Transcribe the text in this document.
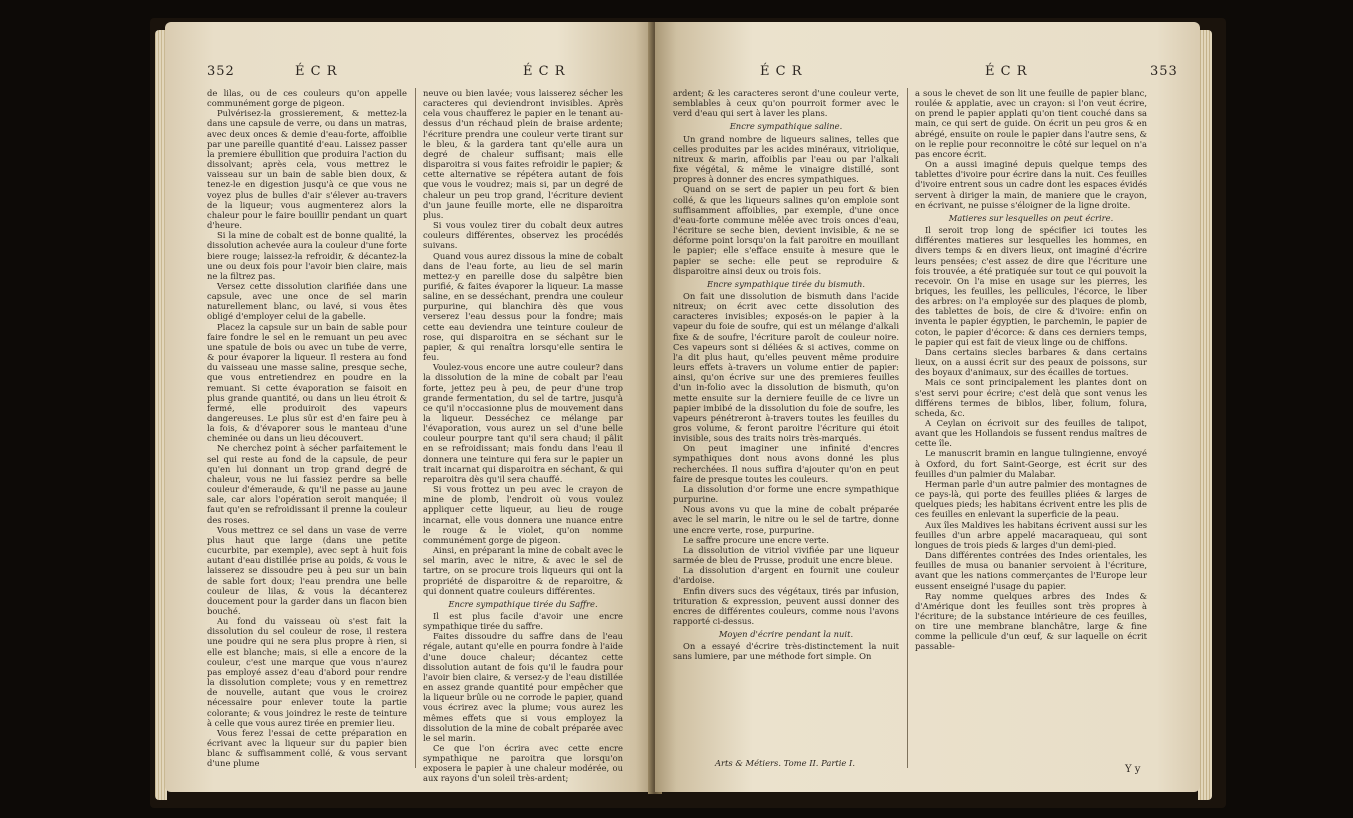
352	É C R	É C R

de lilas, ou de ces couleurs qu'on appelle communément gorge de pigeon.

Pulvérisez-la grossierement, & mettez-la dans une capsule de verre, ou dans un matras, avec deux onces & demie d'eau-forte, affoiblie par une pareille quantité d'eau. Laissez passer la premiere ébullition que produira l'action du dissolvant; après cela, vous mettrez le vaisseau sur un bain de sable bien doux, & tenez-le en digestion jusqu'à ce que vous ne voyez plus de bulles d'air s'élever au-travers de la liqueur; vous augmenterez alors la chaleur pour le faire bouillir pendant un quart d'heure.

Si la mine de cobalt est de bonne qualité, la dissolution achevée aura la couleur d'une forte biere rouge; laissez-la refroidir, & décantez-la une ou deux fois pour l'avoir bien claire, mais ne la filtrez pas.

Versez cette dissolution clarifiée dans une capsule, avec une once de sel marin naturellement blanc, ou lavé, si vous êtes obligé d'employer celui de la gabelle.

Placez la capsule sur un bain de sable pour faire fondre le sel en le remuant un peu avec une spatule de bois ou avec un tube de verre, & pour évaporer la liqueur. Il restera au fond du vaisseau une masse saline, presque seche, que vous entretiendrez en poudre en la remuant. Si cette évaporation se faisoit en plus grande quantité, ou dans un lieu étroit & fermé, elle produiroit des vapeurs dangereuses. Le plus sûr est d'en faire peu à la fois, & d'évaporer sous le manteau d'une cheminée ou dans un lieu découvert.

Ne cherchez point à sécher parfaitement le sel qui reste au fond de la capsule, de peur qu'en lui donnant un trop grand degré de chaleur, vous ne lui fassiez perdre sa belle couleur d'émeraude, & qu'il ne passe au jaune sale, car alors l'opération seroit manquée; il faut qu'en se refroidissant il prenne la couleur des roses.

Vous mettrez ce sel dans un vase de verre plus haut que large (dans une petite cucurbite, par exemple), avec sept à huit fois autant d'eau distillée prise au poids, & vous le laisserez se dissoudre peu à peu sur un bain de sable fort doux; l'eau prendra une belle couleur de lilas, & vous la décanterez doucement pour la garder dans un flacon bien bouché.

Au fond du vaisseau où s'est fait la dissolution du sel couleur de rose, il restera une poudre qui ne sera plus propre à rien, si elle est blanche; mais, si elle a encore de la couleur, c'est une marque que vous n'aurez pas employé assez d'eau d'abord pour rendre la dissolution complete; vous y en remettrez de nouvelle, autant que vous le croirez nécessaire pour enlever toute la partie colorante; & vous joindrez le reste de teinture à celle que vous aurez tirée en premier lieu.

Vous ferez l'essai de cette préparation en écrivant avec la liqueur sur du papier bien blanc & suffisamment collé, & vous servant d'une plume

neuve ou bien lavée; vous laisserez sécher les caracteres qui deviendront invisibles. Après cela vous chaufferez le papier en le tenant au-dessus d'un réchaud plein de braise ardente; l'écriture prendra une couleur verte tirant sur le bleu, & la gardera tant qu'elle aura un degré de chaleur suffisant; mais elle disparoitra si vous faites refroidir le papier; & cette alternative se répétera autant de fois que vous le voudrez; mais si, par un degré de chaleur un peu trop grand, l'écriture devient d'un jaune feuille morte, elle ne disparoitra plus.

Si vous voulez tirer du cobalt deux autres couleurs différentes, observez les procédés suivans.

Quand vous aurez dissous la mine de cobalt dans de l'eau forte, au lieu de sel marin mettez-y en pareille dose du salpêtre bien purifié, & faites évaporer la liqueur. La masse saline, en se desséchant, prendra une couleur purpurine, qui blanchira dès que vous verserez l'eau dessus pour la fondre; mais cette eau deviendra une teinture couleur de rose, qui disparoitra en se séchant sur le papier, & qui renaîtra lorsqu'elle sentira le feu.

Voulez-vous encore une autre couleur? dans la dissolution de la mine de cobalt par l'eau forte, jettez peu à peu, de peur d'une trop grande fermentation, du sel de tartre, jusqu'à ce qu'il n'occasionne plus de mouvement dans la liqueur. Desséchez ce mélange par l'évaporation, vous aurez un sel d'une belle couleur pourpre tant qu'il sera chaud; il pâlit en se refroidissant; mais fondu dans l'eau il donnera une teinture qui fera sur le papier un trait incarnat qui disparoitra en séchant, & qui reparoitra dès qu'il sera chauffé.

Si vous frottez un peu avec le crayon de mine de plomb, l'endroit où vous voulez appliquer cette liqueur, au lieu de rouge incarnat, elle vous donnera une nuance entre le rouge & le violet, qu'on nomme communément gorge de pigeon.

Ainsi, en préparant la mine de cobalt avec le sel marin, avec le nitre, & avec le sel de tartre, on se procure trois liqueurs qui ont la propriété de disparoitre & de reparoitre, & qui donnent quatre couleurs différentes.

Encre sympathique tirée du Saffre.

Il est plus facile d'avoir une encre sympathique tirée du saffre.

Faites dissoudre du saffre dans de l'eau régale, autant qu'elle en pourra fondre à l'aide d'une douce chaleur; décantez cette dissolution autant de fois qu'il le faudra pour l'avoir bien claire, & versez-y de l'eau distillée en assez grande quantité pour empêcher que la liqueur brûle ou ne corrode le papier, quand vous écrirez avec la plume; vous aurez les mêmes effets que si vous employez la dissolution de la mine de cobalt préparée avec le sel marin.

Ce que l'on écrira avec cette encre sympathique ne paroitra que lorsqu'on exposera le papier à une chaleur modérée, ou aux rayons d'un soleil très-ardent;

É C R	É C R	353

ardent; & les caracteres seront d'une couleur verte, semblables à ceux qu'on pourroit former avec le verd d'eau qui sert à laver les plans.

Encre sympathique saline.

Un grand nombre de liqueurs salines, telles que celles produites par les acides minéraux, vitriolique, nitreux & marin, affoiblis par l'eau ou par l'alkali fixe végétal, & même le vinaigre distillé, sont propres à donner des encres sympathiques.

Quand on se sert de papier un peu fort & bien collé, & que les liqueurs salines qu'on emploie sont suffisamment affoiblies, par exemple, d'une once d'eau-forte commune mêlée avec trois onces d'eau, l'écriture se seche bien, devient invisible, & ne se déforme point lorsqu'on la fait paroitre en mouillant le papier; elle s'efface ensuite à mesure que le papier se seche: elle peut se reproduire & disparoitre ainsi deux ou trois fois.

Encre sympathique tirée du bismuth.

On fait une dissolution de bismuth dans l'acide nitreux; on écrit avec cette dissolution des caracteres invisibles; exposés-on le papier à la vapeur du foie de soufre, qui est un mélange d'alkali fixe & de soufre, l'écriture paroît de couleur noire. Ces vapeurs sont si déliées & si actives, comme on l'a dit plus haut, qu'elles peuvent même produire leurs effets à-travers un volume entier de papier: ainsi, qu'on écrive sur une des premieres feuilles d'un in-folio avec la dissolution de bismuth, qu'on mette ensuite sur la derniere feuille de ce livre un papier imbibé de la dissolution du foie de soufre, les vapeurs pénétreront à-travers toutes les feuilles du gros volume, & feront paroitre l'écriture qui étoit invisible, sous des traits noirs très-marqués.

On peut imaginer une infinité d'encres sympathiques dont nous avons donné les plus recherchées. Il nous suffira d'ajouter qu'on en peut faire de presque toutes les couleurs.

La dissolution d'or forme une encre sympathique purpurine.

Nous avons vu que la mine de cobalt préparée avec le sel marin, le nitre ou le sel de tartre, donne une encre verte, rose, purpurine.

Le saffre procure une encre verte.

La dissolution de vitriol vivifiée par une liqueur sarmée de bleu de Prusse, produit une encre bleue.

La dissolution d'argent en fournit une couleur d'ardoise.

Enfin divers sucs des végétaux, tirés par infusion, trituration & expression, peuvent aussi donner des encres de différentes couleurs, comme nous l'avons rapporté ci-dessus.

Moyen d'écrire pendant la nuit.

On a essayé d'écrire très-distinctement la nuit sans lumiere, par une méthode fort simple. On

Arts & Métiers. Tome II. Partie I.

a sous le chevet de son lit une feuille de papier blanc, roulée & applatie, avec un crayon: si l'on veut écrire, on prend le papier applati qu'on tient couché dans sa main, ce qui sert de guide. On écrit un peu gros & en abrégé, ensuite on roule le papier dans l'autre sens, & on le replie pour reconnoitre le côté sur lequel on n'a pas encore écrit.

On a aussi imaginé depuis quelque temps des tablettes d'ivoire pour écrire dans la nuit. Ces feuilles d'ivoire entrent sous un cadre dont les espaces évidés servent à diriger la main, de maniere que le crayon, en écrivant, ne puisse s'éloigner de la ligne droite.

Matieres sur lesquelles on peut écrire.

Il seroit trop long de spécifier ici toutes les différentes matieres sur lesquelles les hommes, en divers temps & en divers lieux, ont imaginé d'écrire leurs pensées; c'est assez de dire que l'écriture une fois trouvée, a été pratiquée sur tout ce qui pouvoit la recevoir. On l'a mise en usage sur les pierres, les briques, les feuilles, les pellicules, l'écorce, le liber des arbres: on l'a employée sur des plaques de plomb, des tablettes de bois, de cire & d'ivoire: enfin on inventa le papier égyptien, le parchemin, le papier de coton, le papier d'écorce: & dans ces derniers temps, le papier qui est fait de vieux linge ou de chiffons.

Dans certains siecles barbares & dans certains lieux, on a aussi écrit sur des peaux de poissons, sur des boyaux d'animaux, sur des écailles de tortues.

Mais ce sont principalement les plantes dont on s'est servi pour écrire; c'est delà que sont venus les différens termes de biblos, liber, folium, folura, scheda, &c.

A Ceylan on écrivoit sur des feuilles de talipot, avant que les Hollandois se fussent rendus maîtres de cette île.

Le manuscrit bramin en langue tulingienne, envoyé à Oxford, du fort Saint-George, est écrit sur des feuilles d'un palmier du Malabar.

Herman parle d'un autre palmier des montagnes de ce pays-là, qui porte des feuilles pliées & larges de quelques pieds; les habitans écrivent entre les plis de ces feuilles en enlevant la superficie de la peau.

Aux îles Maldives les habitans écrivent aussi sur les feuilles d'un arbre appelé macaraqueau, qui sont longues de trois pieds & larges d'un demi-pied.

Dans différentes contrées des Indes orientales, les feuilles de musa ou bananier servoient à l'écriture, avant que les nations commerçantes de l'Europe leur eussent enseigné l'usage du papier.

Ray nomme quelques arbres des Indes & d'Amérique dont les feuilles sont très propres à l'écriture; de la substance intérieure de ces feuilles, on tire une membrane blanchâtre, large & fine comme la pellicule d'un œuf, & sur laquelle on écrit passable-

Y y
